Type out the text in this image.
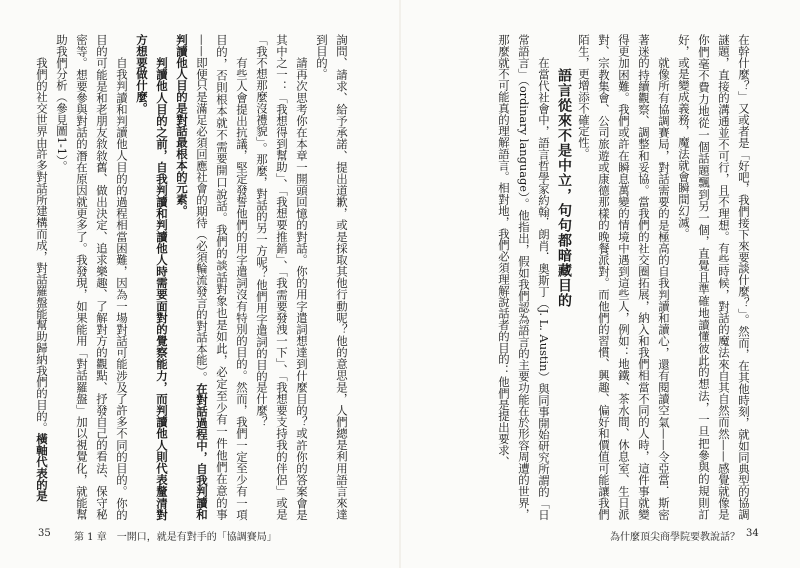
詢問、請求、給予承諾、提出道歉，或是採取其他行動呢？他的意思是，人們總是利用語言來達到目的。

請再次思考你在本章一開頭回憶的對話。你的用字遣詞想達到什麼目的？或許你的答案會是其中之一：「我想得到幫助」、「我想要推銷」、「我需要發洩一下」、「我想要支持我的伴侶」或是「我不想那麼沒禮貌」。那麼，對話的另一方呢？他們用字遣詞的目的是什麼？

有些人會提出抗議，堅定發誓他們的用字遣詞沒有特別的目的。然而，我們一定至少有一項目的，否則根本就不需要開口說話。我們的談話對象也是如此，必定至少有一件他們在意的事——即便只是滿足必須回應社會的期待（必須輪流發言的對話本能）。在對話過程中，自我判讀和判讀他人目的是對話最根本的元素。

判讀他人目的之前，自我判讀和判讀他人時需要面對的覺察能力，而判讀他人則代表釐清對方想要做什麼。

自我判讀和判讀他人目的的過程相當困難，因為一場對話可能涉及了許多不同的目的。你的目的可能是和老朋友敘敘舊、做出決定、追求樂趣、了解對方的觀點、抒發自己的看法、保守秘密等。想要參與對話的潛在原因就更多了。我發現，如果能用「對話羅盤」加以視覺化，就能幫助我們分析（參見圖1-1）。

我們的社交世界由許多對話所建構而成，對話羅盤能幫助歸納我們的目的。橫軸代表的是

35 第 1 章　一開口，就是有對手的「協調賽局」

在幹什麼？」又或者是「好吧，我們接下來要談什麼？」。然而，在其他時刻，就如同典型的協調謎題，直接的溝通並不可行，且不理想。有些時候，對話的魔法來自其自然而然——感覺就像是你們毫不費力地從一個話題飄到另一個，直覺且準確地讀懂彼此的想法，一旦把參與的規則訂好，或是變成義務，魔法就會瞬間幻滅。

就像所有協調賽局，對話需要的是極高的自我判讀和讀心，還有閱讀空氣——令亞當．斯密著迷的持續觀察、調整和妥協。當我們的社交圈拓展，納入和我們相當不同的人時，這件事就變得更加困難。我們或許在瞬息萬變的情境中遇到這些人，例如：地鐵、茶水間、休息室、生日派對、宗教集會、公司旅遊或康德那樣的晚餐派對。而他們的習慣、興趣、偏好和價值可能讓我們陌生，更增添不確定性。

語言從來不是中立，句句都暗藏目的

在當代社會中，語言哲學家約翰．朗肖．奧斯丁（J. L. Austin）與同事開始研究所謂的「日常語言」（ordinary language）。他指出，假如我們認為語言的主要功能在於形容周遭的世界，那麼就不可能真的理解語言。相對地，我們必須理解說話者的目的：他們是提出要求、

為什麼頂尖商學院要教說話？ 34
